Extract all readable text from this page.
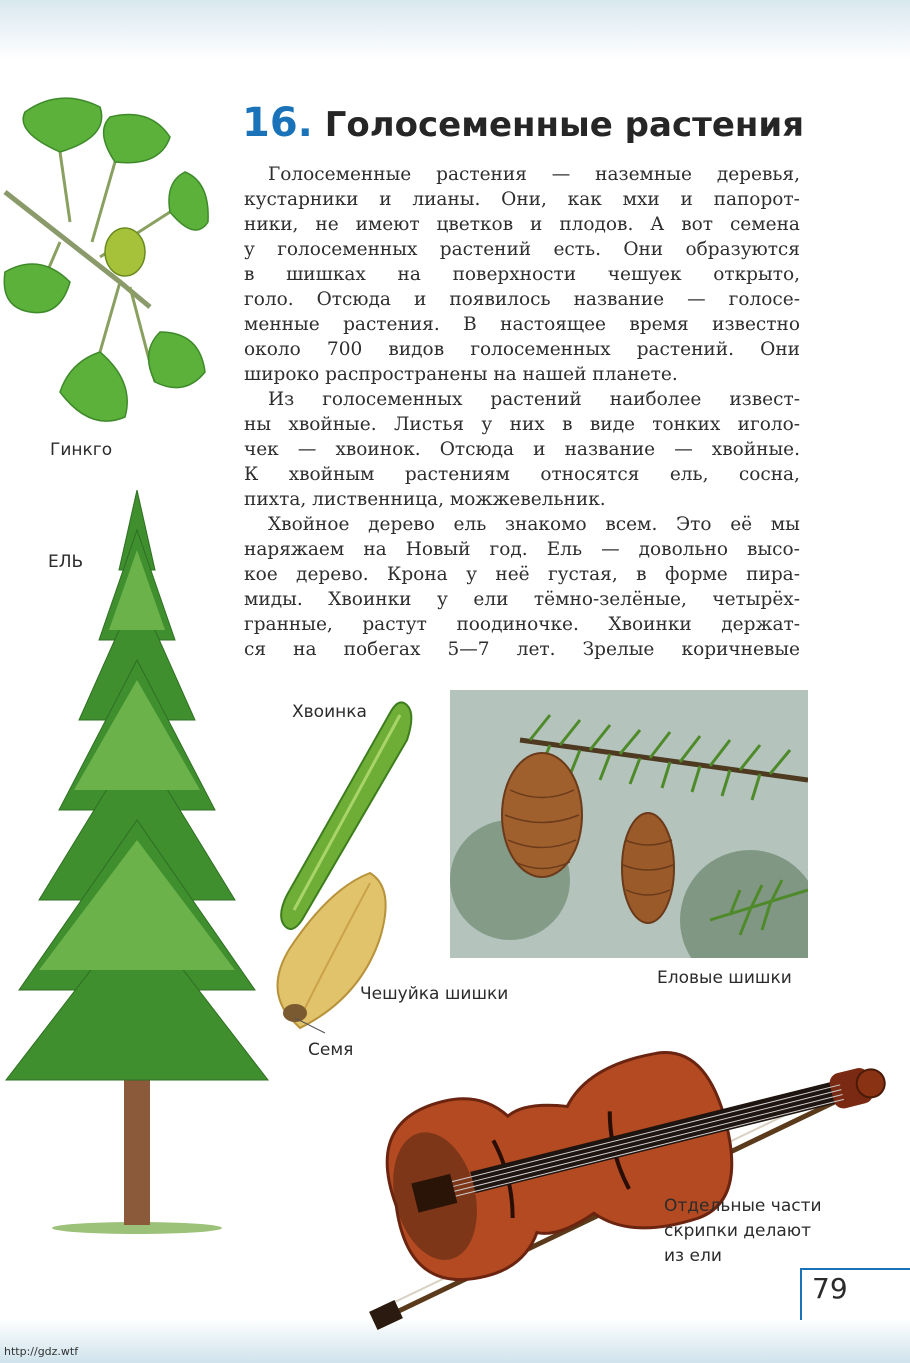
16. Голосеменные растения
Голосеменные растения — наземные деревья,
кустарники и лианы. Они, как мхи и папорот-
ники, не имеют цветков и плодов. А вот семена
у голосеменных растений есть. Они образуются
в шишках на поверхности чешуек открыто,
голо. Отсюда и появилось название — голосе-
менные растения. В настоящее время известно
около 700 видов голосеменных растений. Они
широко распространены на нашей планете.
Из голосеменных растений наиболее извест-
ны хвойные. Листья у них в виде тонких иголо-
чек — хвоинок. Отсюда и название — хвойные.
К хвойным растениям относятся ель, сосна,
пихта, лиственница, можжевельник.
Хвойное дерево ель знакомо всем. Это её мы
наряжаем на Новый год. Ель — довольно высо-
кое дерево. Крона у неё густая, в форме пира-
миды. Хвоинки у ели тёмно-зелёные, четырёх-
гранные, растут поодиночке. Хвоинки держат-
ся на побегах 5—7 лет. Зрелые коричневые
Гинкго
ЕЛЬ
Хвоинка
Чешуйка шишки
Семя
Еловые шишки
Отдельные части
скрипки делают
из ели
79
http://gdz.wtf
